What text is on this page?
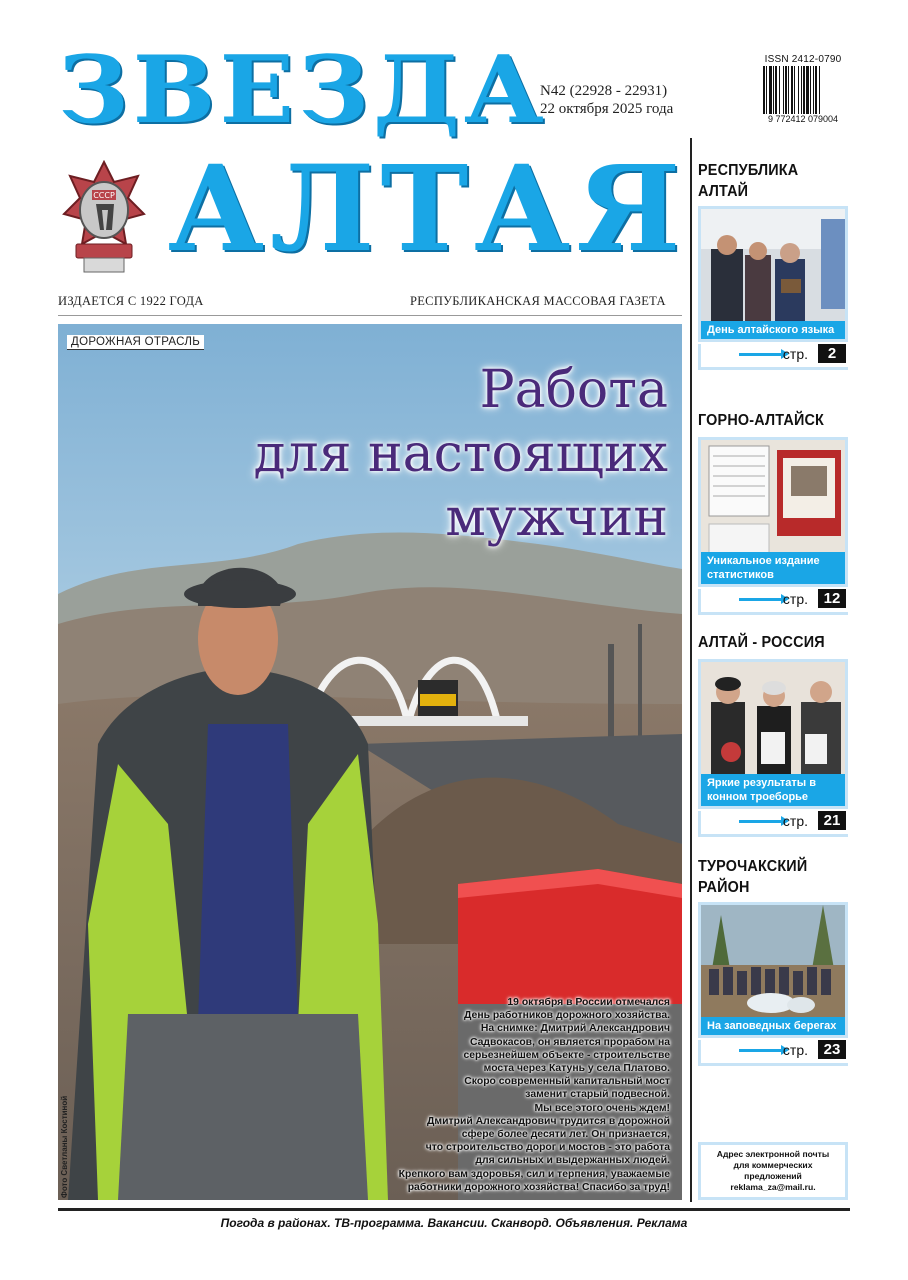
ЗВЕЗДА
АЛТАЯ
СССР
N42 (22928 - 22931)
22 октября 2025 года
ISSN 2412-0790
9 772412 079004
ИЗДАЕТСЯ С 1922 ГОДА	РЕСПУБЛИКАНСКАЯ МАССОВАЯ ГАЗЕТА
ДОРОЖНАЯ ОТРАСЛЬ
Работа
для настоящих
мужчин
19 октября в России отмечался
День работников дорожного хозяйства.
На снимке: Дмитрий Александрович
Садвокасов, он является прорабом на
серьезнейшем объекте - строительстве
моста через Катунь у села Платово.
Скоро современный капитальный мост
заменит старый подвесной.
Мы все этого очень ждем!
Дмитрий Александрович трудится в дорожной
сфере более десяти лет. Он признается,
что строительство дорог и мостов - это работа
для сильных и выдержанных людей.
Крепкого вам здоровья, сил и терпения, уважаемые
работники дорожного хозяйства! Спасибо за труд!
Фото Светланы Костиной
РЕСПУБЛИКА
АЛТАЙ
День алтайского языка
стр.	2
ГОРНО-АЛТАЙСК
Уникальное издание статистиков
стр.	12
АЛТАЙ - РОССИЯ
Яркие результаты в конном троеборье
стр.	21
ТУРОЧАКСКИЙ
РАЙОН
На заповедных берегах
стр.	23
Адрес электронной почты
для коммерческих
предложений
reklama_za@mail.ru.
Погода в районах. ТВ-программа. Вакансии. Сканворд. Объявления. Реклама
